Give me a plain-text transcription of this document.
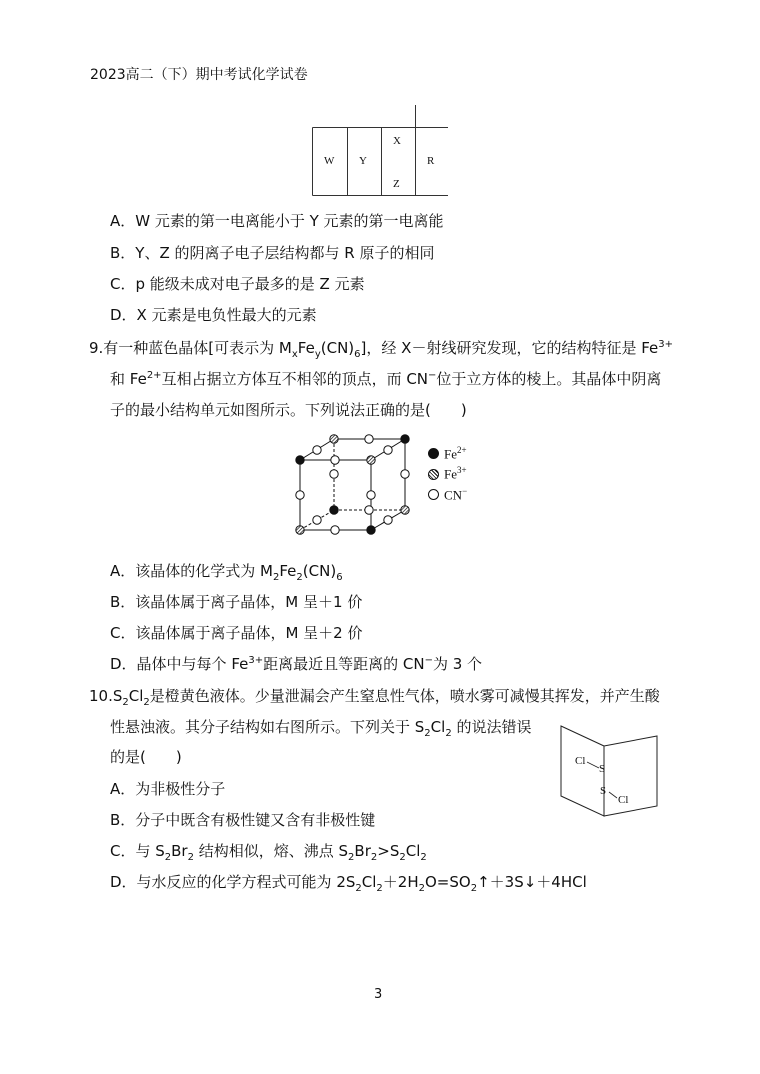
2023高二（下）期中考试化学试卷
W Y
X
Z
R
A．W 元素的第一电离能小于 Y 元素的第一电离能
B．Y、Z 的阴离子电子层结构都与 R 原子的相同
C．p 能级未成对电子最多的是 Z 元素
D．X 元素是电负性最大的元素
9.有一种蓝色晶体[可表示为 $M_xFe_y(CN)_6$]，经 X－射线研究发现，它的结构特征是 $Fe^{3+}$
和 $Fe^{2+}$互相占据立方体互不相邻的顶点，而 CN−位于立方体的棱上。其晶体中阴离
子的最小结构单元如图所示。下列说法正确的是(　　)
$Fe^{2+}$
$Fe^{3+}$
CN−
A．该晶体的化学式为 $M_2Fe_2(CN)_6$
B．该晶体属于离子晶体，M 呈＋1 价
C．该晶体属于离子晶体，M 呈＋2 价
D．晶体中与每个 $Fe^{3+}$距离最近且等距离的 CN−为 3 个
$10.S_2Cl_2$是橙黄色液体。少量泄漏会产生窒息性气体，喷水雾可减慢其挥发，并产生酸
性悬浊液。其分子结构如右图所示。下列关于 $S_2Cl_2$ 的说法错误
的是(　　)	Cl
S
S
Cl
A．为非极性分子
B．分子中既含有极性键又含有非极性键
C．与 $S_2Br_2$ 结构相似，熔、沸点 $S_2Br_2>S_2Cl_2$
D．与水反应的化学方程式可能为 $2S_2Cl_2+2H_2O=SO_2↑+3S↓+4HCl$
3
